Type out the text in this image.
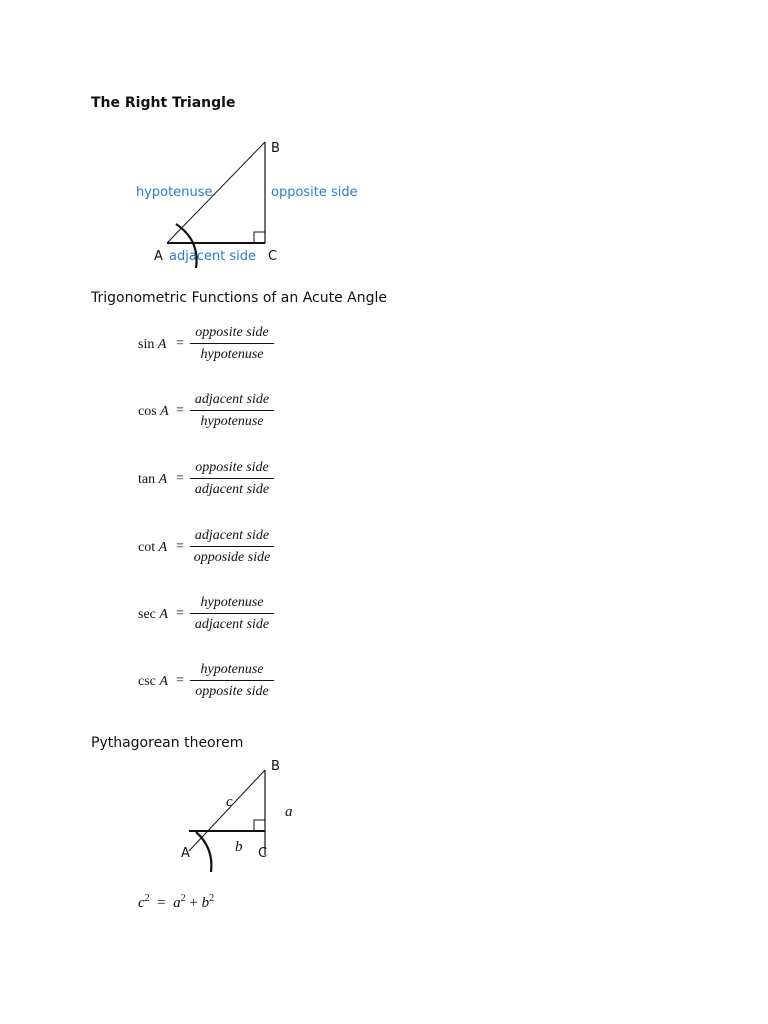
The Right Triangle
B
A	C
hypotenuse	opposite side
adjacent side
B
A	C
c
a
b
Trigonometric Functions of an Acute Angle
sin A =
opposite side
hypotenuse
cos A =
adjacent side
hypotenuse
tan A =
opposite side
adjacent side
cot A =
adjacent side
opposide side
sec A =
hypotenuse
adjacent side
csc A =
hypotenuse
opposite side
Pythagorean theorem
$c^2 = a^2 + b^2$
